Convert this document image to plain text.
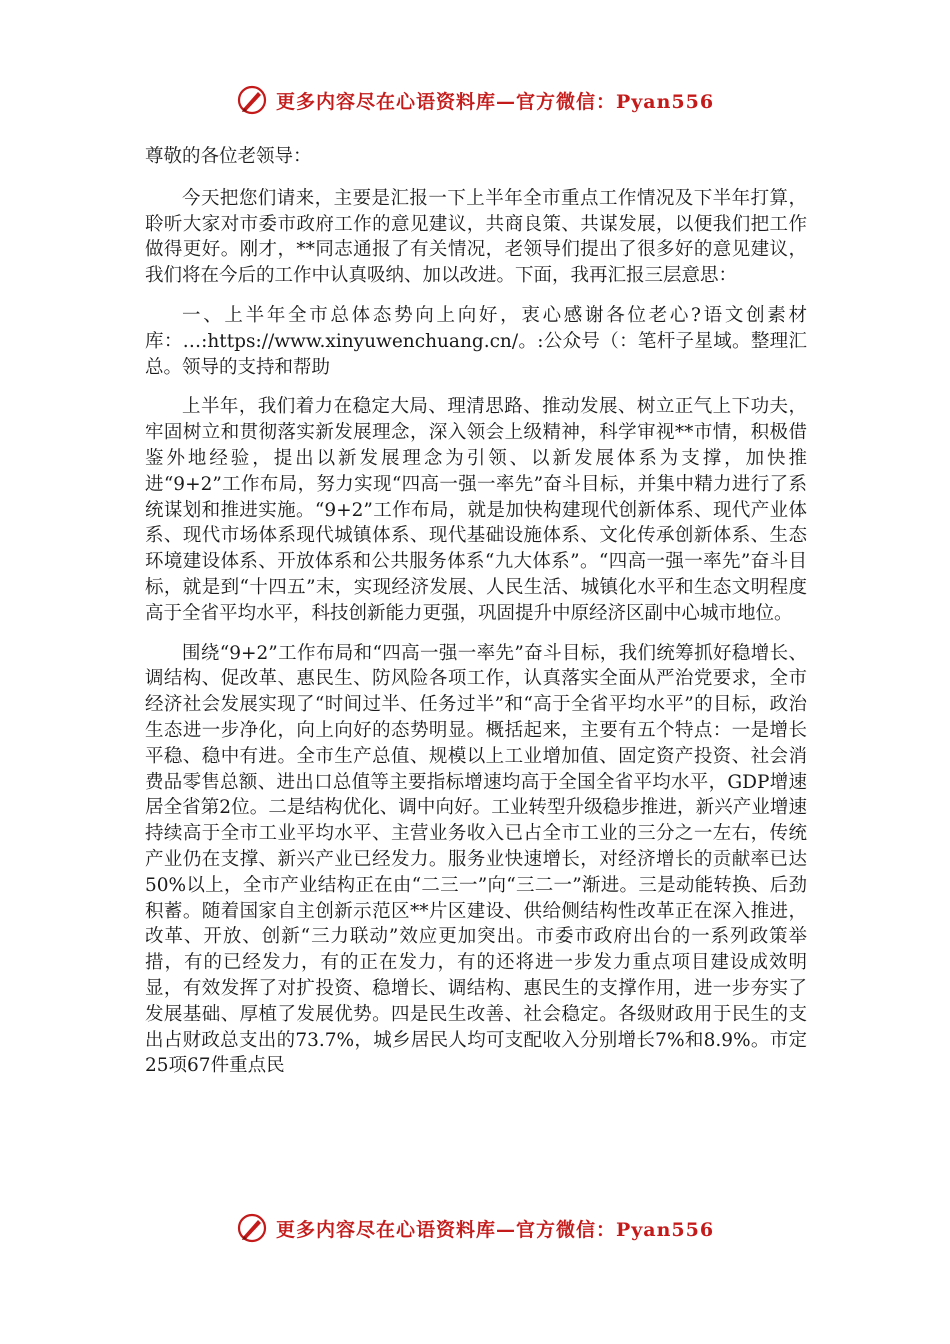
更多内容尽在心语资料库—官方微信：Pyan556

尊敬的各位老领导：

今天把您们请来，主要是汇报一下上半年全市重点工作情况及下半年打算，聆听大家对市委市政府工作的意见建议，共商良策、共谋发展，以便我们把工作做得更好。刚才，**同志通报了有关情况，老领导们提出了很多好的意见建议，我们将在今后的工作中认真吸纳、加以改进。下面，我再汇报三层意思：

一、上半年全市总体态势向上向好，衷心感谢各位老心?语文创素材库：…:https://www.xinyuwenchuang.cn/。:公众号（：笔杆子星域。整理汇总。领导的支持和帮助

上半年，我们着力在稳定大局、理清思路、推动发展、树立正气上下功夫，牢固树立和贯彻落实新发展理念，深入领会上级精神，科学审视**市情，积极借鉴外地经验，提出以新发展理念为引领、以新发展体系为支撑，加快推进“9+2”工作布局，努力实现“四高一强一率先”奋斗目标，并集中精力进行了系统谋划和推进实施。“9+2”工作布局，就是加快构建现代创新体系、现代产业体系、现代市场体系现代城镇体系、现代基础设施体系、文化传承创新体系、生态环境建设体系、开放体系和公共服务体系“九大体系”。“四高一强一率先”奋斗目标，就是到“十四五”末，实现经济发展、人民生活、城镇化水平和生态文明程度高于全省平均水平，科技创新能力更强，巩固提升中原经济区副中心城市地位。

围绕“9+2”工作布局和“四高一强一率先”奋斗目标，我们统筹抓好稳增长、调结构、促改革、惠民生、防风险各项工作，认真落实全面从严治党要求，全市经济社会发展实现了“时间过半、任务过半”和“高于全省平均水平”的目标，政治生态进一步净化，向上向好的态势明显。概括起来，主要有五个特点：一是增长平稳、稳中有进。全市生产总值、规模以上工业增加值、固定资产投资、社会消费品零售总额、进出口总值等主要指标增速均高于全国全省平均水平，GDP增速居全省第2位。二是结构优化、调中向好。工业转型升级稳步推进，新兴产业增速持续高于全市工业平均水平、主营业务收入已占全市工业的三分之一左右，传统产业仍在支撑、新兴产业已经发力。服务业快速增长，对经济增长的贡献率已达50%以上，全市产业结构正在由“二三一”向“三二一”渐进。三是动能转换、后劲积蓄。随着国家自主创新示范区**片区建设、供给侧结构性改革正在深入推进，改革、开放、创新“三力联动”效应更加突出。市委市政府出台的一系列政策举措，有的已经发力，有的正在发力，有的还将进一步发力重点项目建设成效明显，有效发挥了对扩投资、稳增长、调结构、惠民生的支撑作用，进一步夯实了发展基础、厚植了发展优势。四是民生改善、社会稳定。各级财政用于民生的支出占财政总支出的73.7%，城乡居民人均可支配收入分别增长7%和8.9%。市定25项67件重点民

更多内容尽在心语资料库—官方微信：Pyan556
